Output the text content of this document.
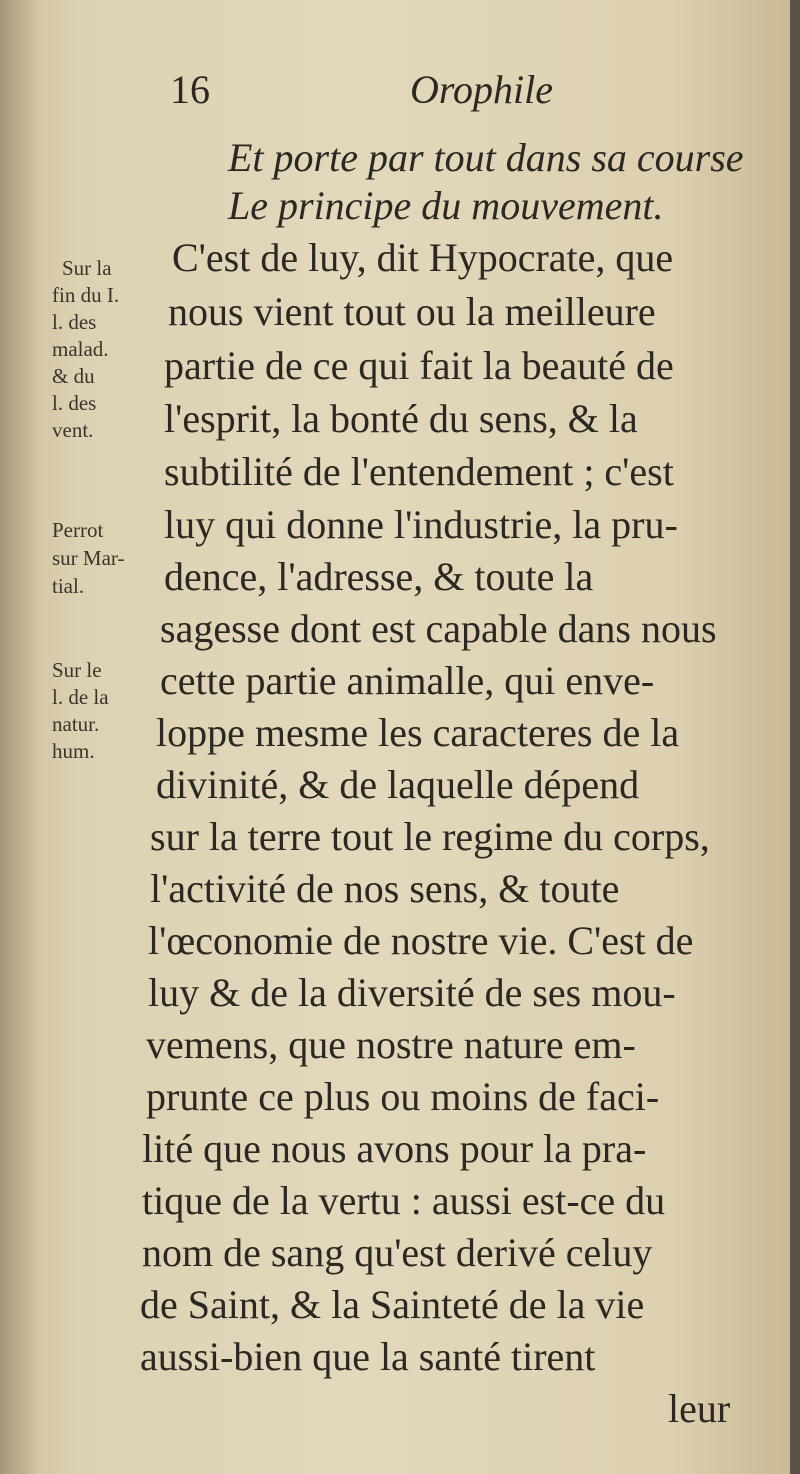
16	Orophile
Et porte par tout dans sa course
Le principe du mouvement.
Sur la
fin du I.
l. des
malad.
& du
l. des
vent.
Perrot
sur Mar-
tial.
Sur le
l. de la
natur.
hum.
C'est de luy, dit Hypocrate, que
nous vient tout ou la meilleure
partie de ce qui fait la beauté de
l'esprit, la bonté du sens, & la
subtilité de l'entendement ; c'est
luy qui donne l'industrie, la pru-
dence, l'adresse, & toute la
sagesse dont est capable dans nous
cette partie animalle, qui enve-
loppe mesme les caracteres de la
divinité, & de laquelle dépend
sur la terre tout le regime du corps,
l'activité de nos sens, & toute
l'œconomie de nostre vie. C'est de
luy & de la diversité de ses mou-
vemens, que nostre nature em-
prunte ce plus ou moins de faci-
lité que nous avons pour la pra-
tique de la vertu : aussi est-ce du
nom de sang qu'est derivé celuy
de Saint, & la Sainteté de la vie
aussi-bien que la santé tirent
leur
